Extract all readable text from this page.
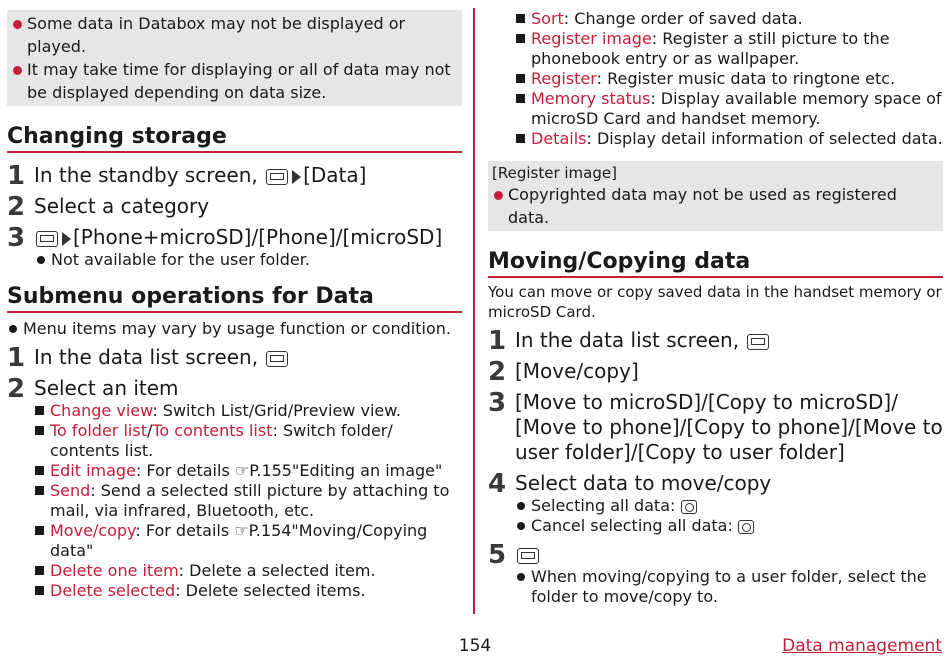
Some data in Databox may not be displayed or played.
It may take time for displaying or all of data may not be displayed depending on data size.
Changing storage
1 In the standby screen, [Data]
2 Select a category
3 [Phone+microSD]/[Phone]/[microSD]
Not available for the user folder.
Submenu operations for Data
Menu items may vary by usage function or condition.
1 In the data list screen,
2 Select an item
Change view: Switch List/Grid/Preview view.
To folder list/To contents list: Switch folder/ contents list.
Edit image: For details ☞P.155"Editing an image"
Send: Send a selected still picture by attaching to mail, via infrared, Bluetooth, etc.
Move/copy: For details ☞P.154"Moving/Copying data"
Delete one item: Delete a selected item.
Delete selected: Delete selected items.
Sort: Change order of saved data.
Register image: Register a still picture to the phonebook entry or as wallpaper.
Register: Register music data to ringtone etc.
Memory status: Display available memory space of microSD Card and handset memory.
Details: Display detail information of selected data.
[Register image]
Copyrighted data may not be used as registered data.
Moving/Copying data
You can move or copy saved data in the handset memory or microSD Card.
1 In the data list screen,
2 [Move/copy]
3 [Move to microSD]/[Copy to microSD]/ [Move to phone]/[Copy to phone]/[Move to user folder]/[Copy to user folder]
4 Select data to move/copy
Selecting all data:
Cancel selecting all data:
5
When moving/copying to a user folder, select the folder to move/copy to.
154	Data management
